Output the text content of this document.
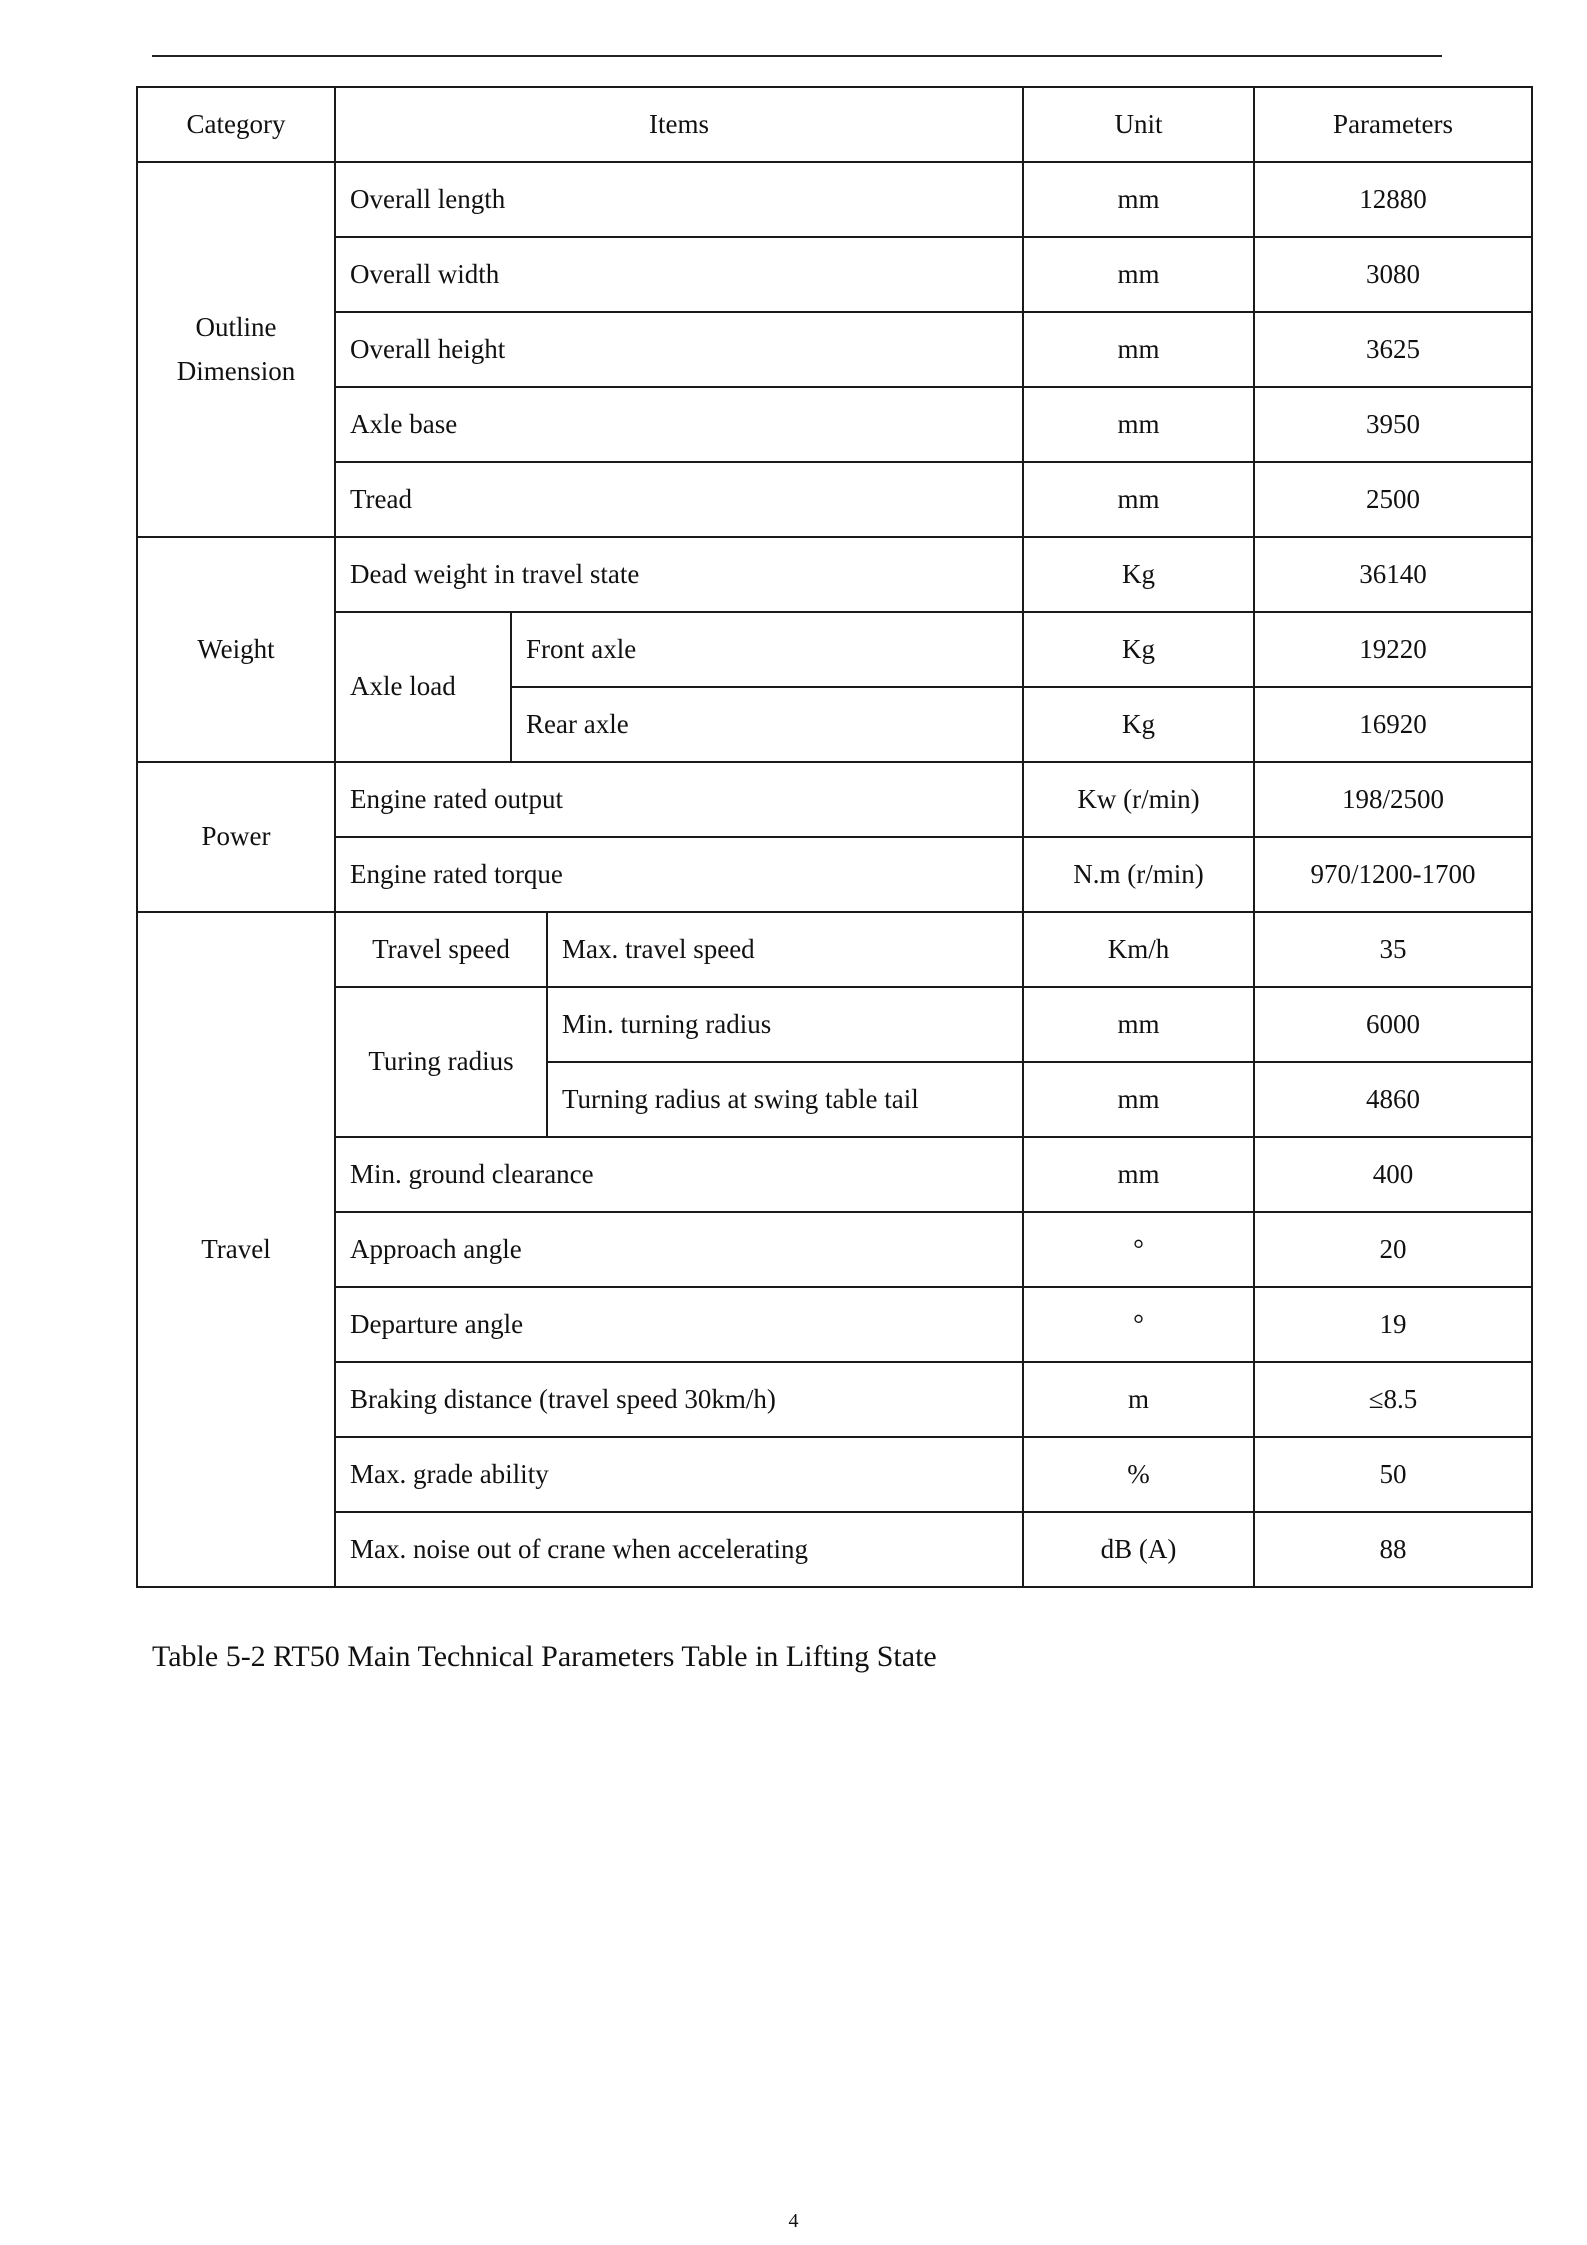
Category	Items			Unit	Parameters
Outline
Dimension	Overall length			mm	12880
	Overall width			mm	3080
	Overall height			mm	3625
	Axle base			mm	3950
	Tread			mm	2500
Weight	Dead weight in travel state			Kg	36140
	Axle load	Front axle		Kg	19220
		Rear axle		Kg	16920
Power	Engine rated output			Kw (r/min)	198/2500
	Engine rated torque			N.m (r/min)	970/1200-1700
Travel	Travel speed		Max. travel speed	Km/h	35
	Turing radius		Min. turning radius	mm	6000
			Turning radius at swing table tail	mm	4860
	Min. ground clearance			mm	400
	Approach angle			°	20
	Departure angle			°	19
	Braking distance (travel speed 30km/h)			m	≤8.5
	Max. grade ability			%	50
	Max. noise out of crane when accelerating			dB (A)	88
Table 5-2 RT50 Main Technical Parameters Table in Lifting State
4
